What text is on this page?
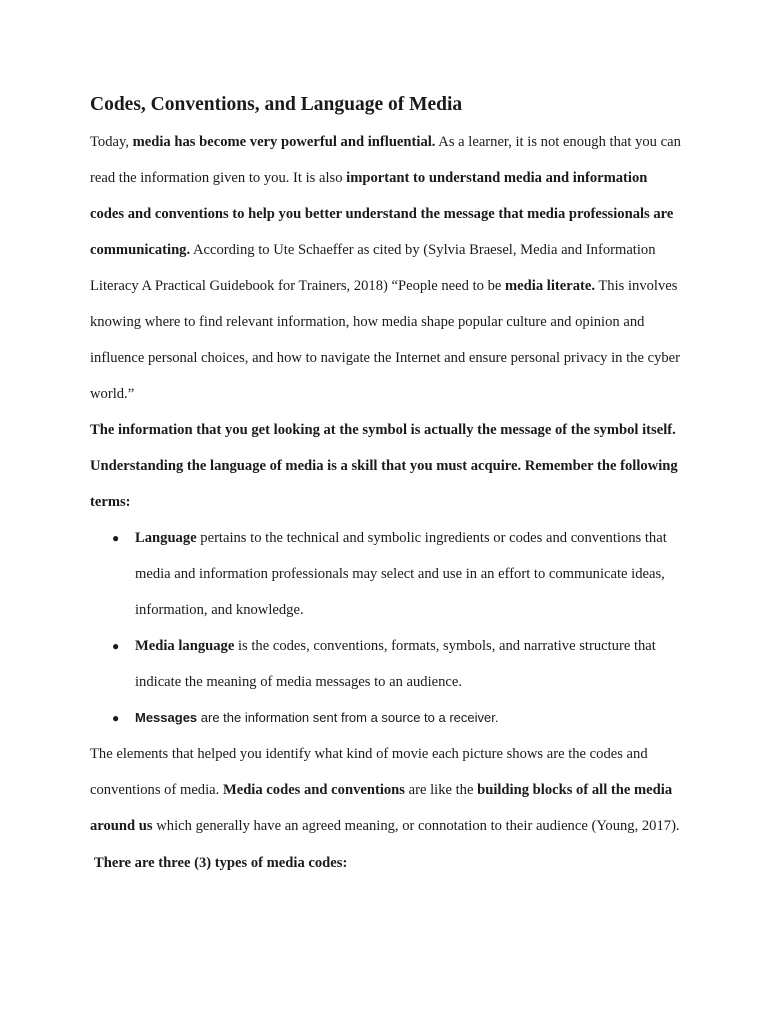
Codes, Conventions, and Language of Media

Today, media has become very powerful and influential. As a learner, it is not enough that you can read the information given to you. It is also important to understand media and information codes and conventions to help you better understand the message that media professionals are communicating. According to Ute Schaeffer as cited by (Sylvia Braesel, Media and Information Literacy A Practical Guidebook for Trainers, 2018) “People need to be media literate. This involves knowing where to find relevant information, how media shape popular culture and opinion and influence personal choices, and how to navigate the Internet and ensure personal privacy in the cyber world.”

The information that you get looking at the symbol is actually the message of the symbol itself. Understanding the language of media is a skill that you must acquire. Remember the following terms:

● Language pertains to the technical and symbolic ingredients or codes and conventions that media and information professionals may select and use in an effort to communicate ideas, information, and knowledge.
● Media language is the codes, conventions, formats, symbols, and narrative structure that indicate the meaning of media messages to an audience.
● Messages are the information sent from a source to a receiver.

The elements that helped you identify what kind of movie each picture shows are the codes and conventions of media. Media codes and conventions are like the building blocks of all the media around us which generally have an agreed meaning, or connotation to their audience (Young, 2017).

There are three (3) types of media codes:
